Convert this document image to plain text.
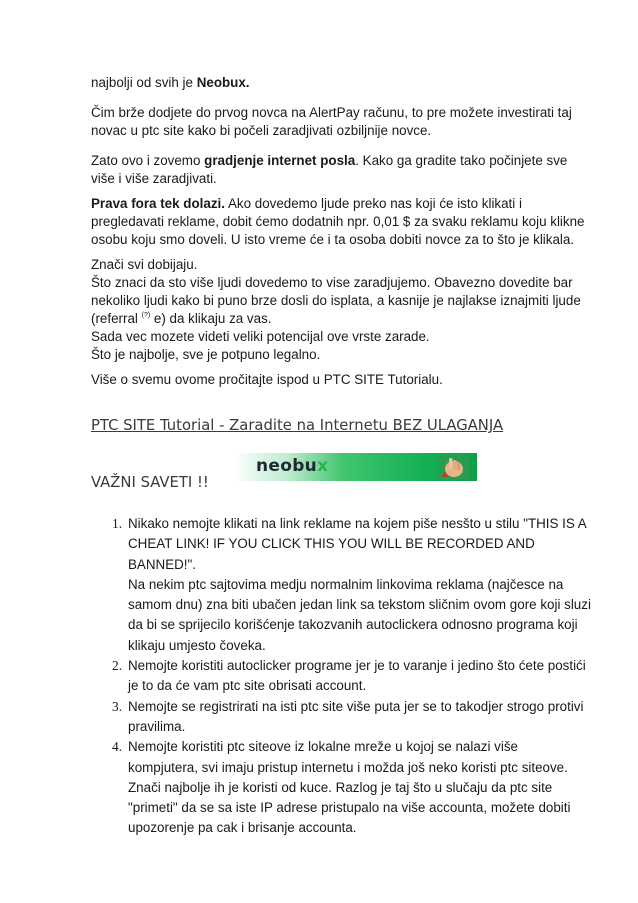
najbolji od svih je Neobux.
Čim brže dodjete do prvog novca na AlertPay računu, to pre možete investirati taj novac u ptc site kako bi počeli zaradjivati ozbiljnije novce.
Zato ovo i zovemo gradjenje internet posla. Kako ga gradite tako počinjete sve više i više zaradjivati.
Prava fora tek dolazi. Ako dovedemo ljude preko nas koji će isto klikati i pregledavati reklame, dobit ćemo dodatnih npr. 0,01 $ za svaku reklamu koju klikne osobu koju smo doveli. U isto vreme će i ta osoba dobiti novce za to što je klikala.
Znači svi dobijaju.
Što znaci da sto više ljudi dovedemo to vise zaradjujemo. Obavezno dovedite bar nekoliko ljudi kako bi puno brze dosli do isplata, a kasnije je najlakse iznajmiti ljude (referral (?) e) da klikaju za vas.
Sada vec mozete videti veliki potencijal ove vrste zarade.
Što je najbolje, sve je potpuno legalno.
Više o svemu ovome pročitajte ispod u PTC SITE Tutorialu.
PTC SITE Tutorial - Zaradite na Internetu BEZ ULAGANJA
VAŽNI SAVETI !!
neobux
1. Nikako nemojte klikati na link reklame na kojem piše nesšto u stilu "THIS IS A CHEAT LINK! IF YOU CLICK THIS YOU WILL BE RECORDED AND BANNED!".
Na nekim ptc sajtovima medju normalnim linkovima reklama (najčesce na samom dnu) zna biti ubačen jedan link sa tekstom sličnim ovom gore koji sluzi da bi se sprijecilo korišćenje takozvanih autoclickera odnosno programa koji klikaju umjesto čoveka.
2. Nemojte koristiti autoclicker programe jer je to varanje i jedino što ćete postići je to da će vam ptc site obrisati account.
3. Nemojte se registrirati na isti ptc site više puta jer se to takodjer strogo protivi pravilima.
4. Nemojte koristiti ptc siteove iz lokalne mreže u kojoj se nalazi više kompjutera, svi imaju pristup internetu i možda još neko koristi ptc siteove. Znači najbolje ih je koristi od kuce. Razlog je taj što u slučaju da ptc site "primeti" da se sa iste IP adrese pristupalo na više accounta, možete dobiti upozorenje pa cak i brisanje accounta.
